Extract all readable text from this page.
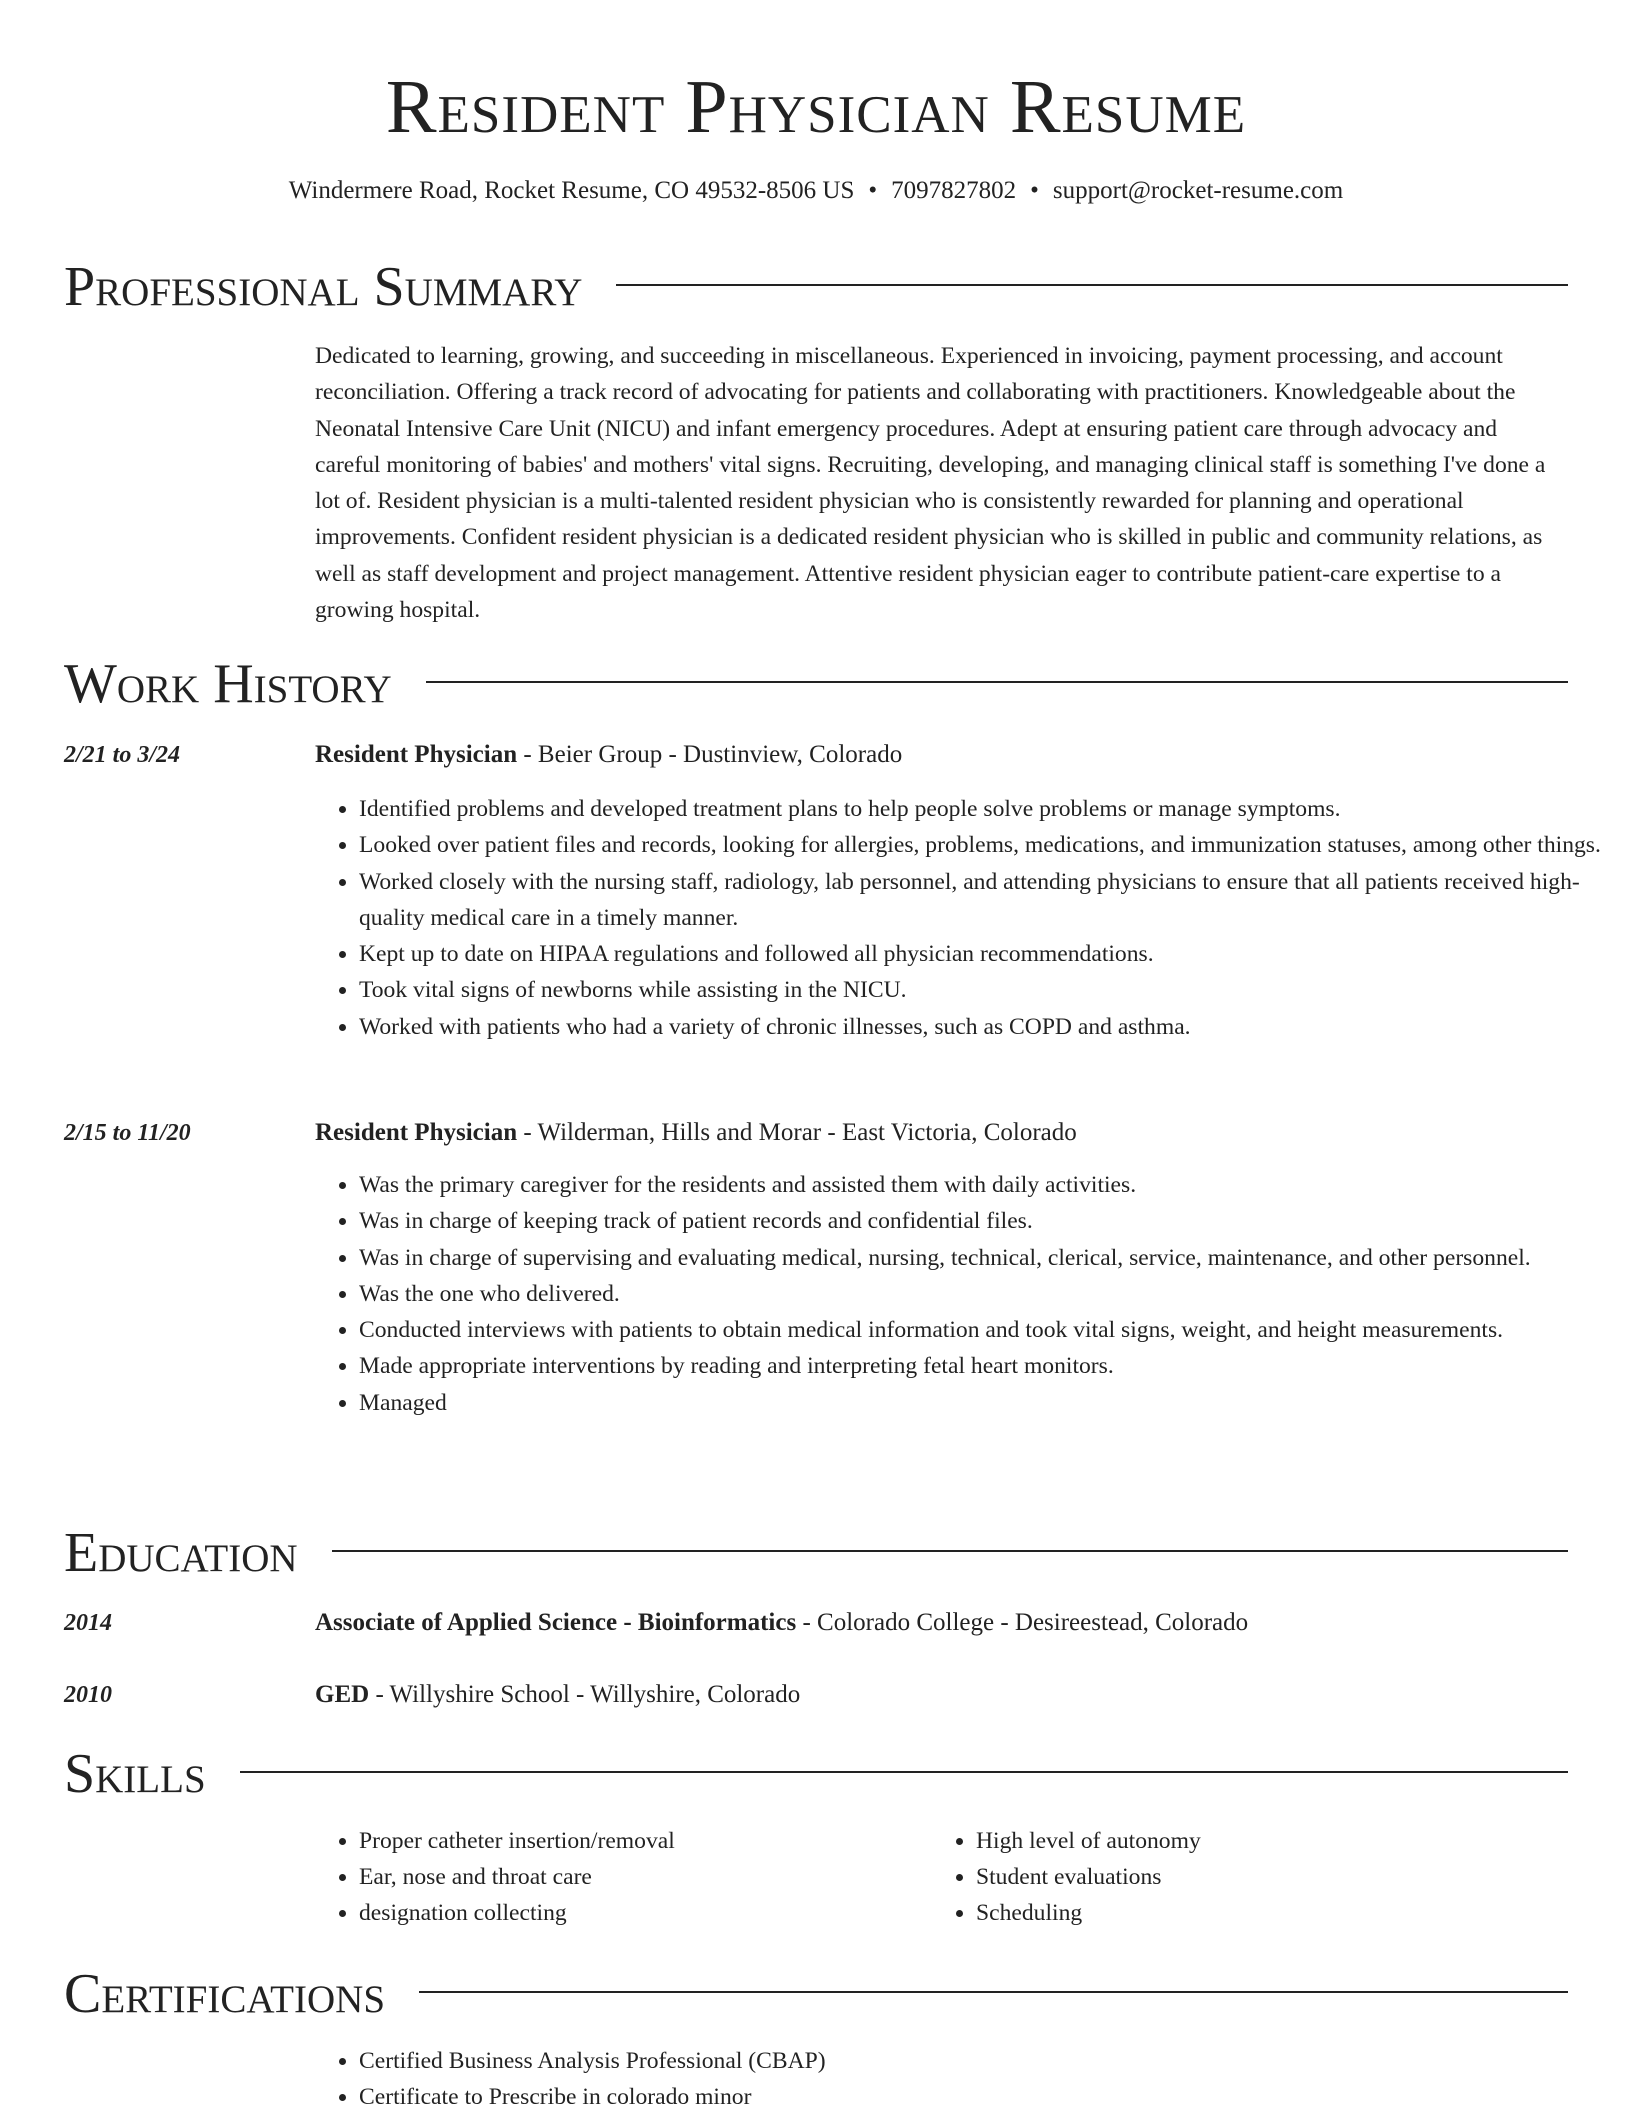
Resident Physician Resume
Windermere Road, Rocket Resume, CO 49532-8506 US • 7097827802 • support@rocket-resume.com
Professional Summary

Dedicated to learning, growing, and succeeding in miscellaneous. Experienced in invoicing, payment processing, and account reconciliation. Offering a track record of advocating for patients and collaborating with practitioners. Knowledgeable about the Neonatal Intensive Care Unit (NICU) and infant emergency procedures. Adept at ensuring patient care through advocacy and careful monitoring of babies' and mothers' vital signs. Recruiting, developing, and managing clinical staff is something I've done a lot of. Resident physician is a multi-talented resident physician who is consistently rewarded for planning and operational improvements. Confident resident physician is a dedicated resident physician who is skilled in public and community relations, as well as staff development and project management. Attentive resident physician eager to contribute patient-care expertise to a growing hospital.

Work History
2/21 to 3/24	Resident Physician - Beier Group - Dustinview, Colorado
• Identified problems and developed treatment plans to help people solve problems or manage symptoms.
• Looked over patient files and records, looking for allergies, problems, medications, and immunization statuses, among other things.
• Worked closely with the nursing staff, radiology, lab personnel, and attending physicians to ensure that all patients received high-quality medical care in a timely manner.
• Kept up to date on HIPAA regulations and followed all physician recommendations.
• Took vital signs of newborns while assisting in the NICU.
• Worked with patients who had a variety of chronic illnesses, such as COPD and asthma.
2/15 to 11/20	Resident Physician - Wilderman, Hills and Morar - East Victoria, Colorado
• Was the primary caregiver for the residents and assisted them with daily activities.
• Was in charge of keeping track of patient records and confidential files.
• Was in charge of supervising and evaluating medical, nursing, technical, clerical, service, maintenance, and other personnel.
• Was the one who delivered.
• Conducted interviews with patients to obtain medical information and took vital signs, weight, and height measurements.
• Made appropriate interventions by reading and interpreting fetal heart monitors.
• Managed
Education
2014	Associate of Applied Science - Bioinformatics - Colorado College - Desireestead, Colorado
2010	GED - Willyshire School - Willyshire, Colorado
Skills
• Proper catheter insertion/removal
• Ear, nose and throat care
• designation collecting
• High level of autonomy
• Student evaluations
• Scheduling
Certifications
• Certified Business Analysis Professional (CBAP)
• Certificate to Prescribe in colorado minor
